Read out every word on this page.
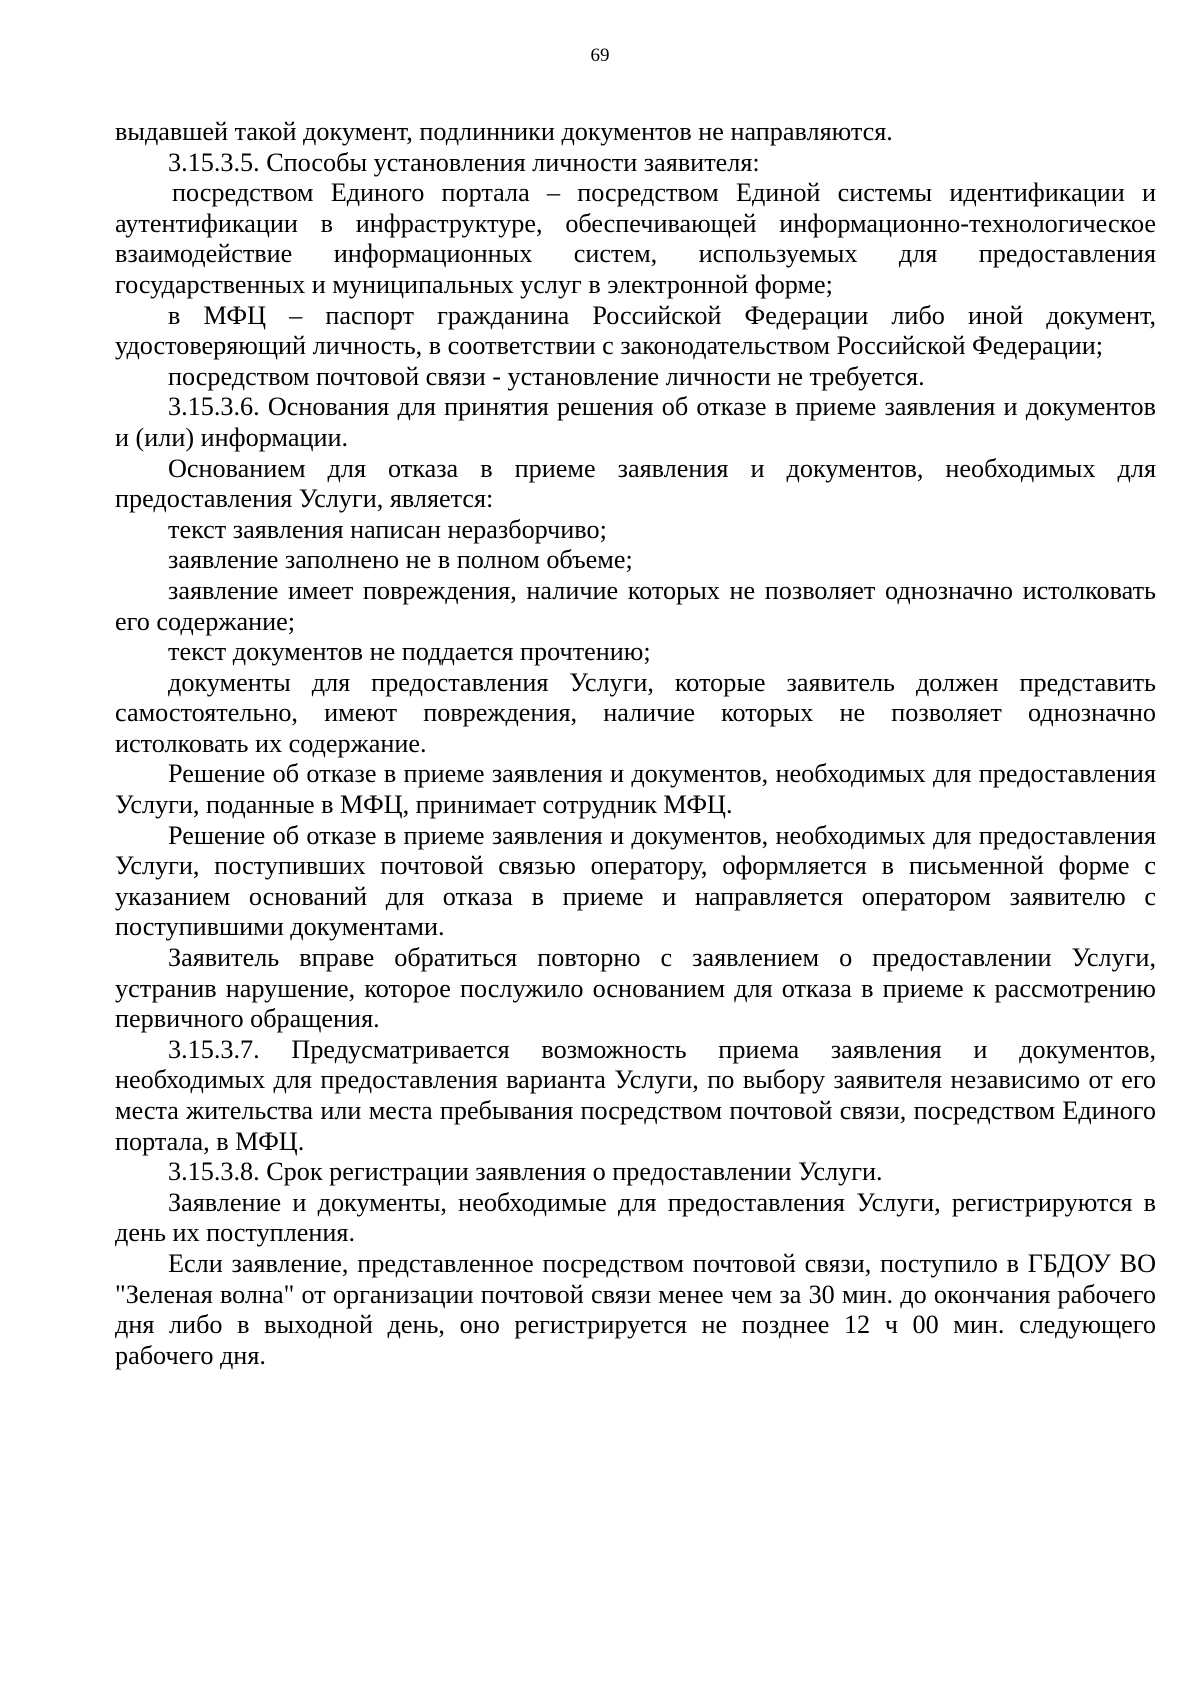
69

выдавшей такой документ, подлинники документов не направляются.

3.15.3.5. Способы установления личности заявителя:

посредством Единого портала – посредством Единой системы идентификации и аутентификации в инфраструктуре, обеспечивающей информационно-технологическое взаимодействие информационных систем, используемых для предоставления государственных и муниципальных услуг в электронной форме;

в МФЦ – паспорт гражданина Российской Федерации либо иной документ, удостоверяющий личность, в соответствии с законодательством Российской Федерации;

посредством почтовой связи - установление личности не требуется.

3.15.3.6. Основания для принятия решения об отказе в приеме заявления и документов и (или) информации.

Основанием для отказа в приеме заявления и документов, необходимых для предоставления Услуги, является:

текст заявления написан неразборчиво;

заявление заполнено не в полном объеме;

заявление имеет повреждения, наличие которых не позволяет однозначно истолковать его содержание;

текст документов не поддается прочтению;

документы для предоставления Услуги, которые заявитель должен представить самостоятельно, имеют повреждения, наличие которых не позволяет однозначно истолковать их содержание.

Решение об отказе в приеме заявления и документов, необходимых для предоставления Услуги, поданные в МФЦ, принимает сотрудник МФЦ.

Решение об отказе в приеме заявления и документов, необходимых для предоставления Услуги, поступивших почтовой связью оператору, оформляется в письменной форме с указанием оснований для отказа в приеме и направляется оператором заявителю с поступившими документами.

Заявитель вправе обратиться повторно с заявлением о предоставлении Услуги, устранив нарушение, которое послужило основанием для отказа в приеме к рассмотрению первичного обращения.

3.15.3.7. Предусматривается возможность приема заявления и документов, необходимых для предоставления варианта Услуги, по выбору заявителя независимо от его места жительства или места пребывания посредством почтовой связи, посредством Единого портала, в МФЦ.

3.15.3.8. Срок регистрации заявления о предоставлении Услуги.

Заявление и документы, необходимые для предоставления Услуги, регистрируются в день их поступления.

Если заявление, представленное посредством почтовой связи, поступило в ГБДОУ ВО "Зеленая волна" от организации почтовой связи менее чем за 30 мин. до окончания рабочего дня либо в выходной день, оно регистрируется не позднее 12 ч 00 мин. следующего рабочего дня.
